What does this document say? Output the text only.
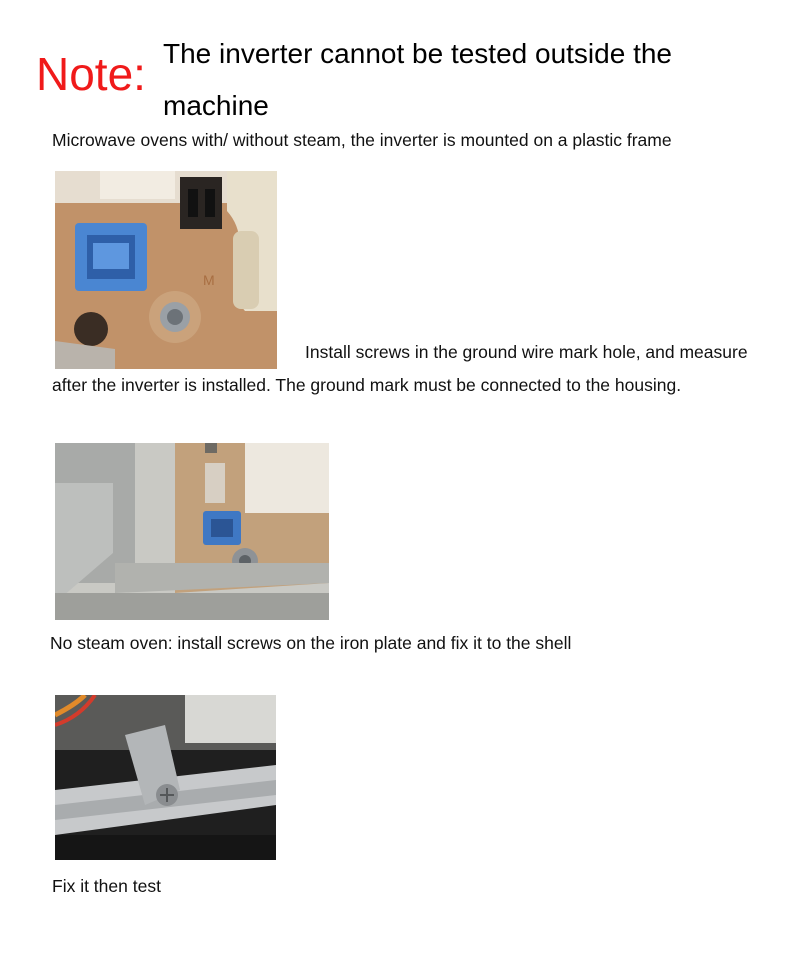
Note: The inverter cannot be tested outside the machine
Microwave ovens with/ without steam, the inverter is mounted on a plastic frame
M
Install screws in the ground wire mark hole, and measure after the inverter is installed. The ground mark must be connected to the housing.
No steam oven: install screws on the iron plate and fix it to the shell
Fix it then test
